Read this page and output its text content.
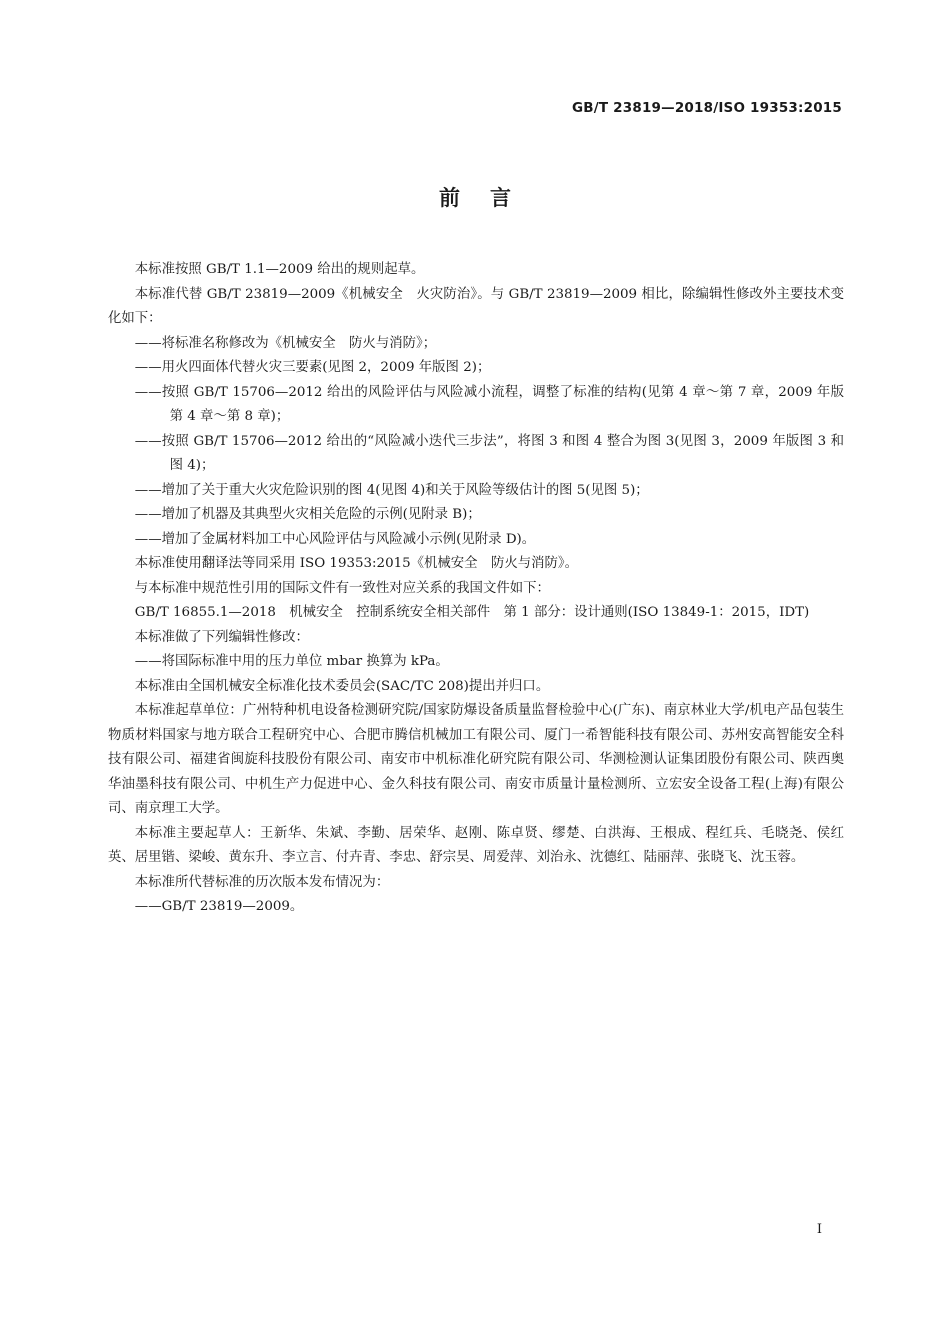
GB/T 23819—2018/ISO 19353:2015
前言

本标准按照 GB/T 1.1—2009 给出的规则起草。

本标准代替 GB/T 23819—2009《机械安全　火灾防治》。与 GB/T 23819—2009 相比，除编辑性修改外主要技术变化如下：

——将标准名称修改为《机械安全　防火与消防》；

——用火四面体代替火灾三要素(见图 2，2009 年版图 2)；

——按照 GB/T 15706—2012 给出的风险评估与风险减小流程，调整了标准的结构(见第 4 章～第 7 章，2009 年版第 4 章～第 8 章)；

——按照 GB/T 15706—2012 给出的“风险减小迭代三步法”，将图 3 和图 4 整合为图 3(见图 3，2009 年版图 3 和图 4)；

——增加了关于重大火灾危险识别的图 4(见图 4)和关于风险等级估计的图 5(见图 5)；

——增加了机器及其典型火灾相关危险的示例(见附录 B)；

——增加了金属材料加工中心风险评估与风险减小示例(见附录 D)。

本标准使用翻译法等同采用 ISO 19353:2015《机械安全　防火与消防》。

与本标准中规范性引用的国际文件有一致性对应关系的我国文件如下：

GB/T 16855.1—2018　机械安全　控制系统安全相关部件　第 1 部分：设计通则(ISO 13849-1：2015，IDT)

本标准做了下列编辑性修改：

——将国际标准中用的压力单位 mbar 换算为 kPa。

本标准由全国机械安全标准化技术委员会(SAC/TC 208)提出并归口。

本标准起草单位：广州特种机电设备检测研究院/国家防爆设备质量监督检验中心(广东)、南京林业大学/机电产品包装生物质材料国家与地方联合工程研究中心、合肥市腾信机械加工有限公司、厦门一希智能科技有限公司、苏州安高智能安全科技有限公司、福建省闽旋科技股份有限公司、南安市中机标准化研究院有限公司、华测检测认证集团股份有限公司、陕西奥华油墨科技有限公司、中机生产力促进中心、金久科技有限公司、南安市质量计量检测所、立宏安全设备工程(上海)有限公司、南京理工大学。

本标准主要起草人：王新华、朱斌、李勤、居荣华、赵刚、陈卓贤、缪楚、白洪海、王根成、程红兵、毛晓尧、侯红英、居里锴、梁峻、黄东升、李立言、付卉青、李忠、舒宗昊、周爱萍、刘治永、沈德红、陆丽萍、张晓飞、沈玉蓉。

本标准所代替标准的历次版本发布情况为：

——GB/T 23819—2009。

I
